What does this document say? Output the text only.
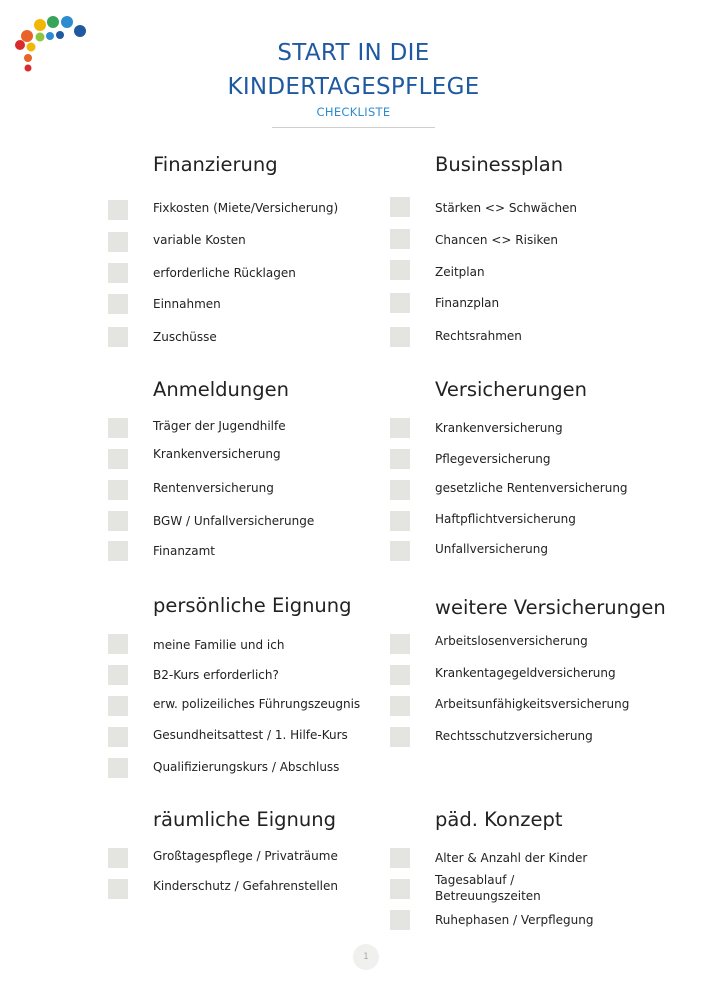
START IN DIE
KINDERTAGESPFLEGE
CHECKLISTE
Finanzierung
Fixkosten (Miete/Versicherung)
variable Kosten
erforderliche Rücklagen
Einnahmen
Zuschüsse
Businessplan
Stärken <> Schwächen
Chancen <> Risiken
Zeitplan
Finanzplan
Rechtsrahmen
Anmeldungen
Träger der Jugendhilfe
Krankenversicherung
Rentenversicherung
BGW / Unfallversicherunge
Finanzamt
Versicherungen
Krankenversicherung
Pflegeversicherung
gesetzliche Rentenversicherung
Haftpflichtversicherung
Unfallversicherung
persönliche Eignung
meine Familie und ich
B2-Kurs erforderlich?
erw. polizeiliches Führungszeugnis
Gesundheitsattest / 1. Hilfe-Kurs
Qualifizierungskurs / Abschluss
weitere Versicherungen
Arbeitslosenversicherung
Krankentagegeldversicherung
Arbeitsunfähigkeitsversicherung
Rechtsschutzversicherung
räumliche Eignung
Großtagespflege / Privaträume
Kinderschutz / Gefahrenstellen
päd. Konzept
Alter & Anzahl der Kinder
Tagesablauf / Betreuungszeiten
Ruhephasen / Verpflegung
1
